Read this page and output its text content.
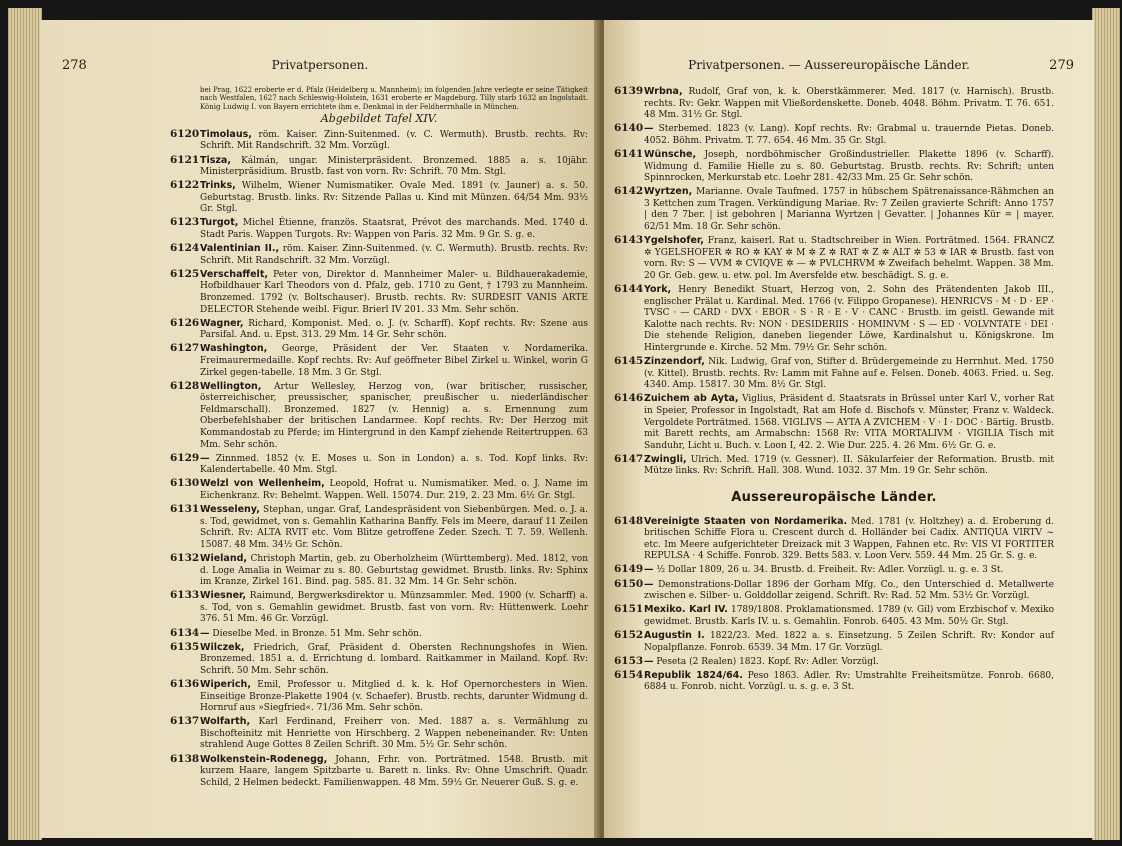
278	Privatpersonen.
bei Prag, 1622 eroberte er d. Pfalz (Heidelberg u. Mannheim); im folgenden Jahre verlegte er seine Tätigkeit nach Westfalen, 1627 nach Schleswig-Holstein, 1631 eroberte er Magdeburg. Tilly starb 1632 an Ingolstadt. König Ludwig I. von Bayern errichtete ihm e. Denkmal in der Feldherrnhalle in München.
Abgebildet Tafel XIV.
6120 Timolaus, röm. Kaiser. Zinn-Suitenmed. (v. C. Wermuth). Brustb. rechts. Rv: Schrift. Mit Randschrift. 32 Mm. Vorzügl.
6121 Tisza, Kálmán, ungar. Ministerpräsident. Bronzemed. 1885 a. s. 10jähr. Ministerpräsidium. Brustb. fast von vorn. Rv: Schrift. 70 Mm. Stgl.
6122 Trinks, Wilhelm, Wiener Numismatiker. Ovale Med. 1891 (v. Jauner) a. s. 50. Geburtstag. Brustb. links. Rv: Sitzende Pallas u. Kind mit Münzen. 64/54 Mm. 93½ Gr. Stgl.
6123 Turgot, Michel Étienne, französ. Staatsrat, Prévot des marchands. Med. 1740 d. Stadt Paris. Wappen Turgots. Rv: Wappen von Paris. 32 Mm. 9 Gr. S. g. e.
6124 Valentinian II., röm. Kaiser. Zinn-Suitenmed. (v. C. Wermuth). Brustb. rechts. Rv: Schrift. Mit Randschrift. 32 Mm. Vorzügl.
6125 Verschaffelt, Peter von, Direktor d. Mannheimer Maler- u. Bildhauerakademie, Hofbildhauer Karl Theodors von d. Pfalz, geb. 1710 zu Gent, † 1793 zu Mannheim. Bronzemed. 1792 (v. Boltschauser). Brustb. rechts. Rv: SURDESIT VANIS ARTE DELECTOR Stehende weibl. Figur. Brierl IV 201. 33 Mm. Sehr schön.
6126 Wagner, Richard, Komponist. Med. o. J. (v. Scharff). Kopf rechts. Rv: Szene aus Parsifal. And. u. Epst. 313. 29 Mm. 14 Gr. Sehr schön.
6127 Washington, George, Präsident der Ver. Staaten v. Nordamerika. Freimaurermedaille. Kopf rechts. Rv: Auf geöffneter Bibel Zirkel u. Winkel, worin G Zirkel gegen-tabelle. 18 Mm. 3 Gr. Stgl.
6128 Wellington, Artur Wellesley, Herzog von, (war britischer, russischer, österreichischer, preussischer, spanischer, preußischer u. niederländischer Feldmarschall). Bronzemed. 1827 (v. Hennig) a. s. Ernennung zum Oberbefehlshaber der britischen Landarmee. Kopf rechts. Rv: Der Herzog mit Kommandostab zu Pferde; im Hintergrund in den Kampf ziehende Reitertruppen. 63 Mm. Sehr schön.
6129 — Zinnmed. 1852 (v. E. Moses u. Son in London) a. s. Tod. Kopf links. Rv: Kalendertabelle. 40 Mm. Stgl.
6130 Welzl von Wellenheim, Leopold, Hofrat u. Numismatiker. Med. o. J. Name im Eichenkranz. Rv: Behelmt. Wappen. Well. 15074. Dur. 219, 2. 23 Mm. 6½ Gr. Stgl.
6131 Wesseleny, Stephan, ungar. Graf, Landespräsident von Siebenbürgen. Med. o. J. a. s. Tod, gewidmet, von s. Gemahlin Katharina Banffy. Fels im Meere, darauf 11 Zeilen Schrift. Rv: ALTA RVIT etc. Vom Blitze getroffene Zeder. Szech. T. 7. 59. Wellenh. 15087. 48 Mm. 34½ Gr. Schön.
6132 Wieland, Christoph Martin, geb. zu Oberholzheim (Württemberg). Med. 1812, von d. Loge Amalia in Weimar zu s. 80. Geburtstag gewidmet. Brustb. links. Rv: Sphinx im Kranze, Zirkel 161. Bind. pag. 585. 81. 32 Mm. 14 Gr. Sehr schön.
6133 Wiesner, Raimund, Bergwerksdirektor u. Münzsammler. Med. 1900 (v. Scharff) a. s. Tod, von s. Gemahlin gewidmet. Brustb. fast von vorn. Rv: Hüttenwerk. Loehr 376. 51 Mm. 46 Gr. Vorzügl.
6134 — Dieselbe Med. in Bronze. 51 Mm. Sehr schön.
6135 Wilczek, Friedrich, Graf, Präsident d. Obersten Rechnungshofes in Wien. Bronzemed. 1851 a. d. Errichtung d. lombard. Raitkammer in Mailand. Kopf. Rv: Schrift. 50 Mm. Sehr schön.
6136 Wiperich, Emil, Professor u. Mitglied d. k. k. Hof Opernorchesters in Wien. Einseitige Bronze-Plakette 1904 (v. Schaefer). Brustb. rechts, darunter Widmung d. Hornruf aus »Siegfried«. 71/36 Mm. Sehr schön.
6137 Wolfarth, Karl Ferdinand, Freiherr von. Med. 1887 a. s. Vermählung zu Bischofteinitz mit Henriette von Hirschberg. 2 Wappen nebeneinander. Rv: Unten strahlend Auge Gottes 8 Zeilen Schrift. 30 Mm. 5½ Gr. Sehr schön.
6138 Wolkenstein-Rodenegg, Johann, Frhr. von. Porträtmed. 1548. Brustb. mit kurzem Haare, langem Spitzbarte u. Barett n. links. Rv: Ohne Umschrift. Quadr. Schild, 2 Helmen bedeckt. Familienwappen. 48 Mm. 59½ Gr. Neuerer Guß. S. g. e.
Privatpersonen. — Aussereuropäische Länder.	279
6139 Wrbna, Rudolf, Graf von, k. k. Oberstkämmerer. Med. 1817 (v. Harnisch). Brustb. rechts. Rv: Gekr. Wappen mit Vließordenskette. Doneb. 4048. Böhm. Privatm. T. 76. 651. 48 Mm. 31½ Gr. Stgl.
6140 — Sterbemed. 1823 (v. Lang). Kopf rechts. Rv: Grabmal u. trauernde Pietas. Doneb. 4052. Böhm. Privatm. T. 77. 654. 46 Mm. 35 Gr. Stgl.
6141 Wünsche, Joseph, nordböhmischer Großindustrieller. Plakette 1896 (v. Scharff). Widmung d. Familie Hielle zu s. 80. Geburtstag. Brustb. rechts. Rv: Schrift; unten Spinnrocken, Merkurstab etc. Loehr 281. 42/33 Mm. 25 Gr. Sehr schön.
6142 Wyrtzen, Marianne. Ovale Taufmed. 1757 in hübschem Spätrenaissance-Rähmchen an 3 Kettchen zum Tragen. Verkündigung Mariae. Rv: 7 Zeilen gravierte Schrift: Anno 1757 | den 7 7ber. | ist gebohren | Marianna Wyrtzen | Gevatter. | Johannes Kür = | mayer. 62/51 Mm. 18 Gr. Sehr schön.
6143 Ygelshofer, Franz, kaiserl. Rat u. Stadtschreiber in Wien. Porträtmed. 1564. FRANCZ ✲ YGELSHOFER ✲ RO ✲ KAY ✲ M ✲ Z ✲ RAT ✲ Z ✲ ALT ✲ 53 ✲ IAR ✲ Brustb. fast von vorn. Rv: S — VVM ✲ CVIQVE ✲ — ✲ PVLCHRVM ✲ Zweifach behelmt. Wappen. 38 Mm. 20 Gr. Geb. gew. u. etw. pol. Im Aversfelde etw. beschädigt. S. g. e.
6144 York, Henry Benedikt Stuart, Herzog von, 2. Sohn des Prätendenten Jakob III., englischer Prälat u. Kardinal. Med. 1766 (v. Filippo Gropanese). HENRICVS · M · D · EP · TVSC · — CARD · DVX · EBOR · S · R · E · V · CANC · Brustb. im geistl. Gewande mit Kalotte nach rechts. Rv: NON · DESIDERIIS · HOMINVM · S — ED · VOLVNTATE · DEI · Die stehende Religion, daneben liegender Löwe, Kardinalshut u. Königskrone. Im Hintergrunde e. Kirche. 52 Mm. 79½ Gr. Sehr schön.
6145 Zinzendorf, Nik. Ludwig, Graf von, Stifter d. Brüdergemeinde zu Herrnhut. Med. 1750 (v. Kittel). Brustb. rechts. Rv: Lamm mit Fahne auf e. Felsen. Doneb. 4063. Fried. u. Seg. 4340. Amp. 15817. 30 Mm. 8½ Gr. Stgl.
6146 Zuichem ab Ayta, Viglius, Präsident d. Staatsrats in Brüssel unter Karl V., vorher Rat in Speier, Professor in Ingolstadt, Rat am Hofe d. Bischofs v. Münster, Franz v. Waldeck. Vergoldete Porträtmed. 1568. VIGLIVS — AYTA A ZVICHEM · V · I · DOC · Bärtig. Brustb. mit Barett rechts, am Armabschn: 1568 Rv: VITA MORTALIVM · VIGILIA Tisch mit Sanduhr, Licht u. Buch. v. Loon I, 42. 2. Wie Dur. 225. 4. 26 Mm. 6½ Gr. G. e.
6147 Zwingli, Ulrich. Med. 1719 (v. Gessner). II. Säkularfeier der Reformation. Brustb. mit Mütze links. Rv: Schrift. Hall. 308. Wund. 1032. 37 Mm. 19 Gr. Sehr schön.
Aussereuropäische Länder.
6148 Vereinigte Staaten von Nordamerika. Med. 1781 (v. Holtzhey) a. d. Eroberung d. britischen Schiffe Flora u. Crescent durch d. Holländer bei Cadix. ANTIQUA VIRTV ~ etc. Im Meere aufgerichteter Dreizack mit 3 Wappen, Fahnen etc. Rv: VIS VI FORTITER REPULSA · 4 Schiffe. Fonrob. 329. Betts 583. v. Loon Verv. 559. 44 Mm. 25 Gr. S. g. e.
6149 — ½ Dollar 1809, 26 u. 34. Brustb. d. Freiheit. Rv: Adler. Vorzügl. u. g. e. 3 St.
6150 — Demonstrations-Dollar 1896 der Gorham Mfg. Co., den Unterschied d. Metallwerte zwischen e. Silber- u. Golddollar zeigend. Schrift. Rv: Rad. 52 Mm. 53½ Gr. Vorzügl.
6151 Mexiko. Karl IV. 1789/1808. Proklamationsmed. 1789 (v. Gil) vom Erzbischof v. Mexiko gewidmet. Brustb. Karls IV. u. s. Gemahlin. Fonrob. 6405. 43 Mm. 50½ Gr. Stgl.
6152 Augustin I. 1822/23. Med. 1822 a. s. Einsetzung. 5 Zeilen Schrift. Rv: Kondor auf Nopalpflanze. Fonrob. 6539. 34 Mm. 17 Gr. Vorzügl.
6153 — Peseta (2 Realen) 1823. Kopf. Rv: Adler. Vorzügl.
6154 Republik 1824/64. Peso 1863. Adler. Rv: Umstrahlte Freiheitsmütze. Fonrob. 6680, 6884 u. Fonrob. nicht. Vorzügl. u. s. g. e. 3 St.
